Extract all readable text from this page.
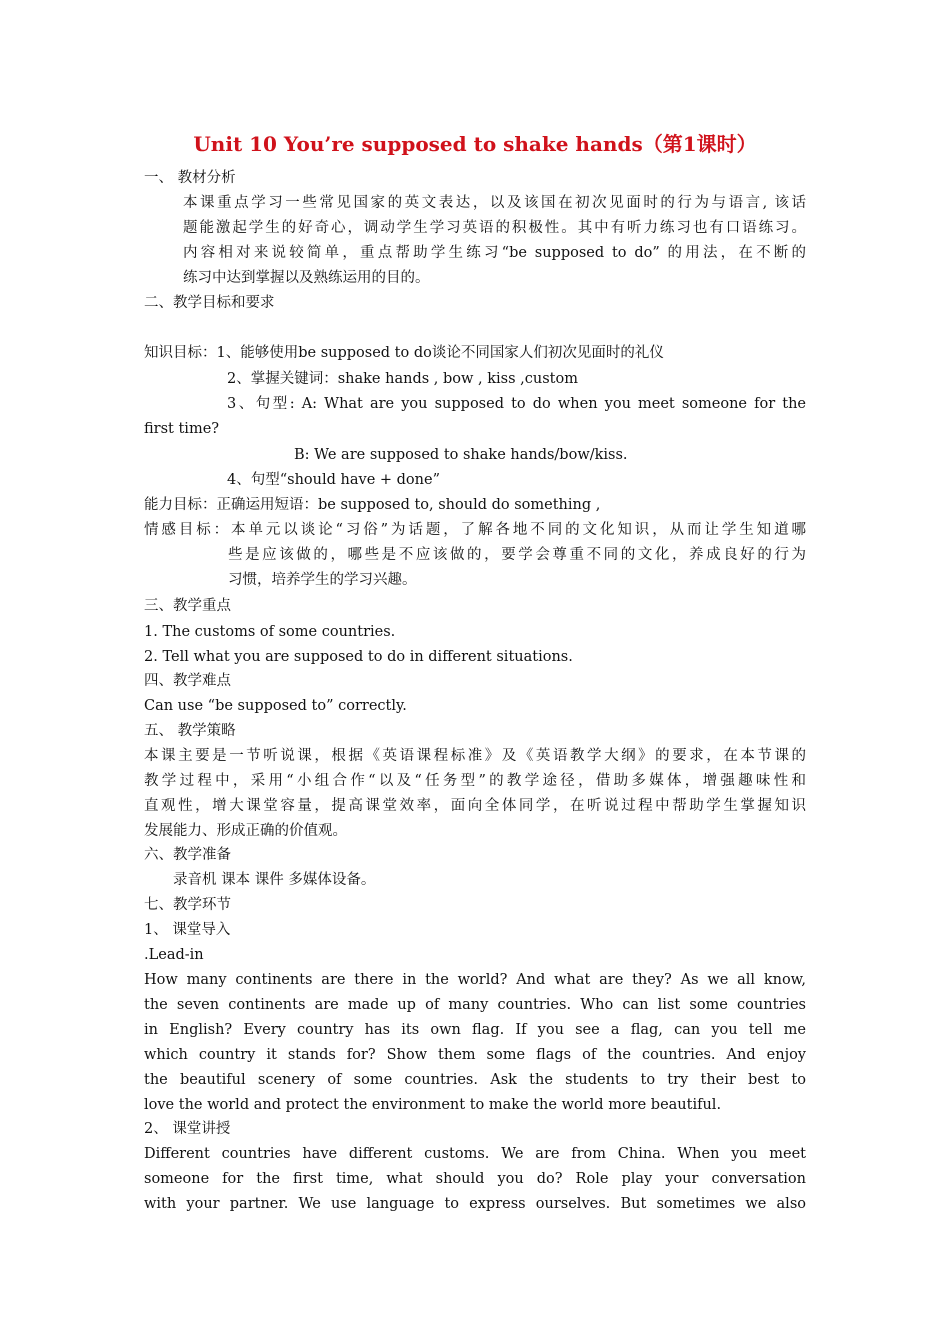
Unit 10 You’re supposed to shake hands（第1课时）
一、 教材分析
本课重点学习一些常见国家的英文表达，以及该国在初次见面时的行为与语言, 该话
题能激起学生的好奇心，调动学生学习英语的积极性。其中有听力练习也有口语练习。
内容相对来说较简单，重点帮助学生练习“be supposed to do” 的用法，在不断的
练习中达到掌握以及熟练运用的目的。
二、教学目标和要求
知识目标：1、能够使用be supposed to do谈论不同国家人们初次见面时的礼仪
2、掌握关键词：shake hands , bow , kiss ,custom
3、句型: A: What are you supposed to do when you meet someone for the
first time?
B: We are supposed to shake hands/bow/kiss.
4、句型“should have + done”
能力目标：正确运用短语：be supposed to, should do something ,
情感目标：本单元以谈论“习俗”为话题，了解各地不同的文化知识，从而让学生知道哪
些是应该做的，哪些是不应该做的，要学会尊重不同的文化，养成良好的行为
习惯，培养学生的学习兴趣。
三、教学重点
1. The customs of some countries.
2. Tell what you are supposed to do in different situations.
四、教学难点
Can use “be supposed to” correctly.
五、 教学策略
本课主要是一节听说课，根据《英语课程标准》及《英语教学大纲》的要求，在本节课的
教学过程中，采用“小组合作“以及“任务型”的教学途径，借助多媒体，增强趣味性和
直观性，增大课堂容量，提高课堂效率，面向全体同学，在听说过程中帮助学生掌握知识
发展能力、形成正确的价值观。
六、教学准备
录音机 课本 课件 多媒体设备。
七、教学环节
1、 课堂导入
.Lead-in
How many continents are there in the world? And what are they? As we all know,
the seven continents are made up of many countries. Who can list some countries
in English? Every country has its own flag. If you see a flag, can you tell me
which country it stands for? Show them some flags of the countries. And enjoy
the beautiful scenery of some countries. Ask the students to try their best to
love the world and protect the environment to make the world more beautiful.
2、 课堂讲授
Different countries have different customs. We are from China. When you meet
someone for the first time, what should you do? Role play your conversation
with your partner. We use language to express ourselves. But sometimes we also
